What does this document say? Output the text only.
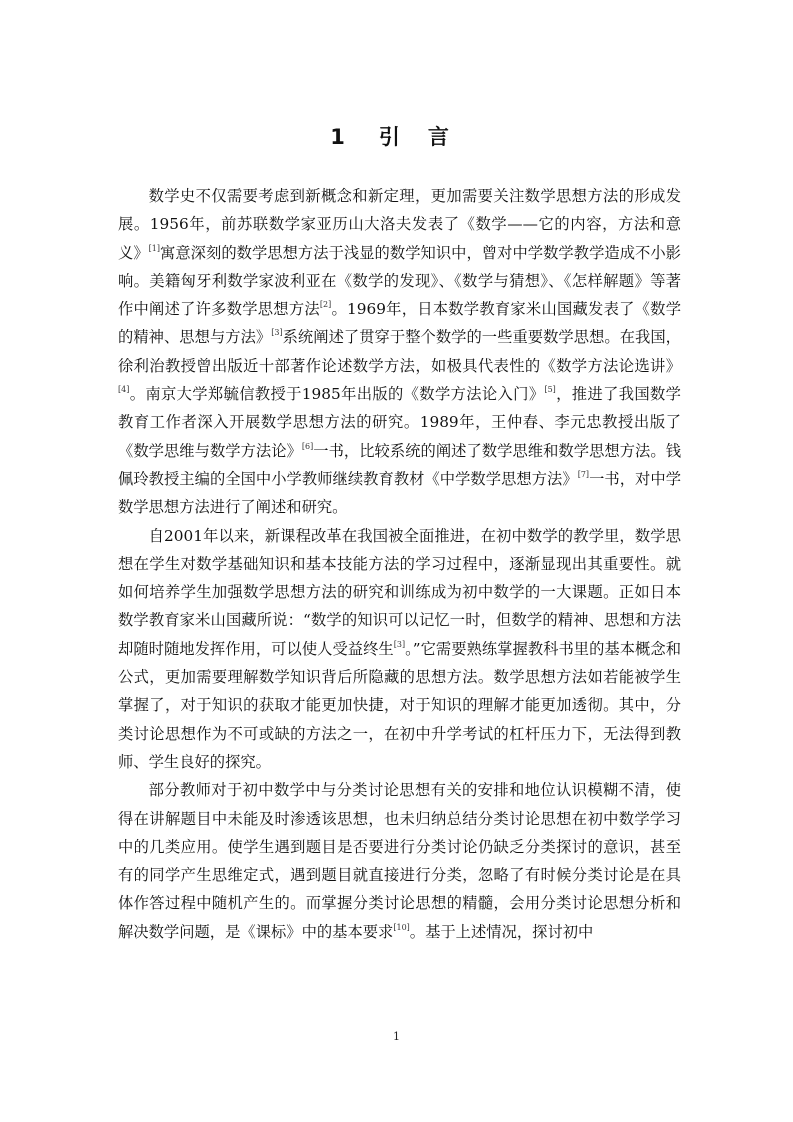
1 引 言

数学史不仅需要考虑到新概念和新定理，更加需要关注数学思想方法的形成发展。1956年，前苏联数学家亚历山大洛夫发表了《数学——它的内容，方法和意义》[1]寓意深刻的数学思想方法于浅显的数学知识中，曾对中学数学教学造成不小影响。美籍匈牙利数学家波利亚在《数学的发现》、《数学与猜想》、《怎样解题》等著作中阐述了许多数学思想方法[2]。1969年，日本数学教育家米山国藏发表了《数学的精神、思想与方法》[3]系统阐述了贯穿于整个数学的一些重要数学思想。在我国，徐利治教授曾出版近十部著作论述数学方法，如极具代表性的《数学方法论选讲》[4]。南京大学郑毓信教授于1985年出版的《数学方法论入门》[5]，推进了我国数学教育工作者深入开展数学思想方法的研究。1989年，王仲春、李元忠教授出版了《数学思维与数学方法论》[6]一书，比较系统的阐述了数学思维和数学思想方法。钱佩玲教授主编的全国中小学教师继续教育教材《中学数学思想方法》[7]一书，对中学数学思想方法进行了阐述和研究。

自2001年以来，新课程改革在我国被全面推进，在初中数学的教学里，数学思想在学生对数学基础知识和基本技能方法的学习过程中，逐渐显现出其重要性。就如何培养学生加强数学思想方法的研究和训练成为初中数学的一大课题。正如日本数学教育家米山国藏所说：“数学的知识可以记忆一时，但数学的精神、思想和方法却随时随地发挥作用，可以使人受益终生[3]。”它需要熟练掌握教科书里的基本概念和公式，更加需要理解数学知识背后所隐藏的思想方法。数学思想方法如若能被学生掌握了，对于知识的获取才能更加快捷，对于知识的理解才能更加透彻。其中，分类讨论思想作为不可或缺的方法之一，在初中升学考试的杠杆压力下，无法得到教师、学生良好的探究。

部分教师对于初中数学中与分类讨论思想有关的安排和地位认识模糊不清，使得在讲解题目中未能及时渗透该思想，也未归纳总结分类讨论思想在初中数学学习中的几类应用。使学生遇到题目是否要进行分类讨论仍缺乏分类探讨的意识，甚至有的同学产生思维定式，遇到题目就直接进行分类，忽略了有时候分类讨论是在具体作答过程中随机产生的。而掌握分类讨论思想的精髓，会用分类讨论思想分析和解决数学问题，是《课标》中的基本要求[10]。基于上述情况，探讨初中

1
